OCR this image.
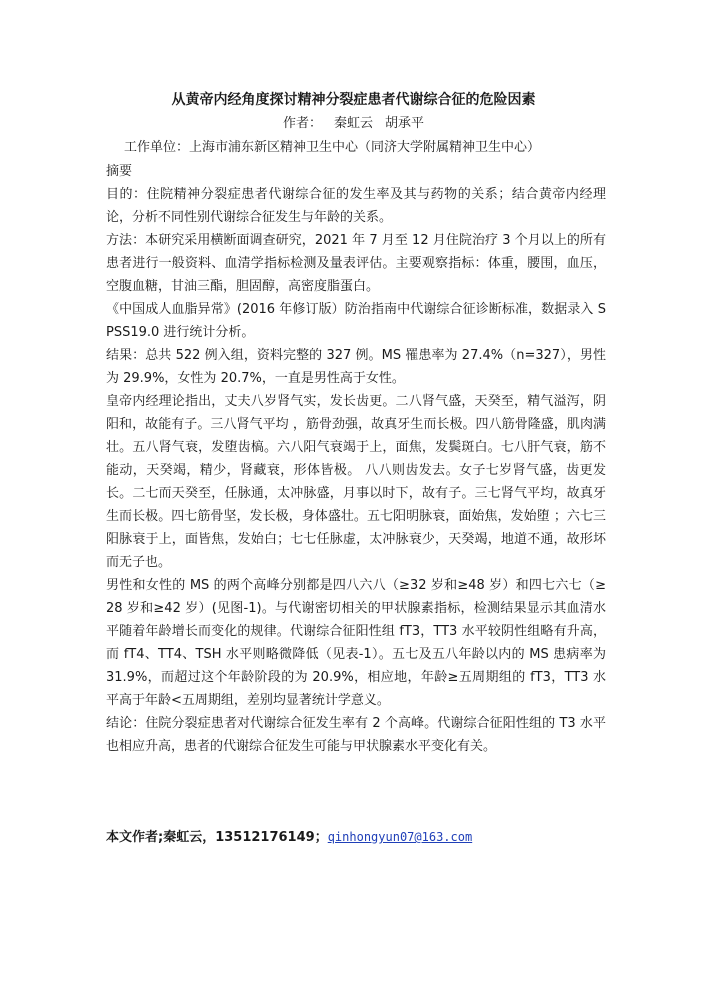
从黄帝内经角度探讨精神分裂症患者代谢综合征的危险因素
作者： 秦虹云 胡承平
工作单位：上海市浦东新区精神卫生中心（同济大学附属精神卫生中心）

摘要

目的：住院精神分裂症患者代谢综合征的发生率及其与药物的关系；结合黄帝内经理论，分析不同性别代谢综合征发生与年龄的关系。

方法：本研究采用横断面调查研究，2021 年 7 月至 12 月住院治疗 3 个月以上的所有患者进行一般资料、血清学指标检测及量表评估。主要观察指标：体重，腰围，血压，空腹血糖，甘油三酯，胆固醇，高密度脂蛋白。

《中国成人血脂异常》(2016 年修订版）防治指南中代谢综合征诊断标准，数据录入 SPSS19.0 进行统计分析。

结果：总共 522 例入组，资料完整的 327 例。MS 罹患率为 27.4%（n=327），男性为 29.9%，女性为 20.7%，一直是男性高于女性。

皇帝内经理论指出，丈夫八岁肾气实，发长齿更。二八肾气盛，天癸至，精气溢泻，阴阳和，故能有子。三八肾气平均 ，筋骨劲强，故真牙生而长极。四八筋骨隆盛，肌肉满壮。五八肾气衰，发堕齿槁。六八阳气衰竭于上，面焦，发鬓斑白。七八肝气衰，筋不能动，天癸竭，精少，肾藏衰，形体皆极。 八八则齿发去。女子七岁肾气盛，齿更发长。二七而天癸至，任脉通，太冲脉盛，月事以时下，故有子。三七肾气平均，故真牙生而长极。四七筋骨坚，发长极，身体盛壮。五七阳明脉衰，面始焦，发始堕 ；六七三阳脉衰于上，面皆焦，发始白；七七任脉虚，太冲脉衰少，天癸竭，地道不通，故形坏而无子也。

男性和女性的 MS 的两个高峰分别都是四八六八（≥32 岁和≥48 岁）和四七六七（≥28 岁和≥42 岁）(见图-1)。与代谢密切相关的甲状腺素指标，检测结果显示其血清水平随着年龄增长而变化的规律。代谢综合征阳性组 fT3，TT3 水平较阴性组略有升高，而 fT4、TT4、TSH 水平则略微降低（见表-1）。五七及五八年龄以内的 MS 患病率为 31.9%，而超过这个年龄阶段的为 20.9%，相应地，年龄≥五周期组的 fT3，TT3 水平高于年龄<五周期组，差别均显著统计学意义。

结论：住院分裂症患者对代谢综合征发生率有 2 个高峰。代谢综合征阳性组的 T3 水平也相应升高，患者的代谢综合征发生可能与甲状腺素水平变化有关。

本文作者;秦虹云，13512176149；qinhongyun07@163.com
